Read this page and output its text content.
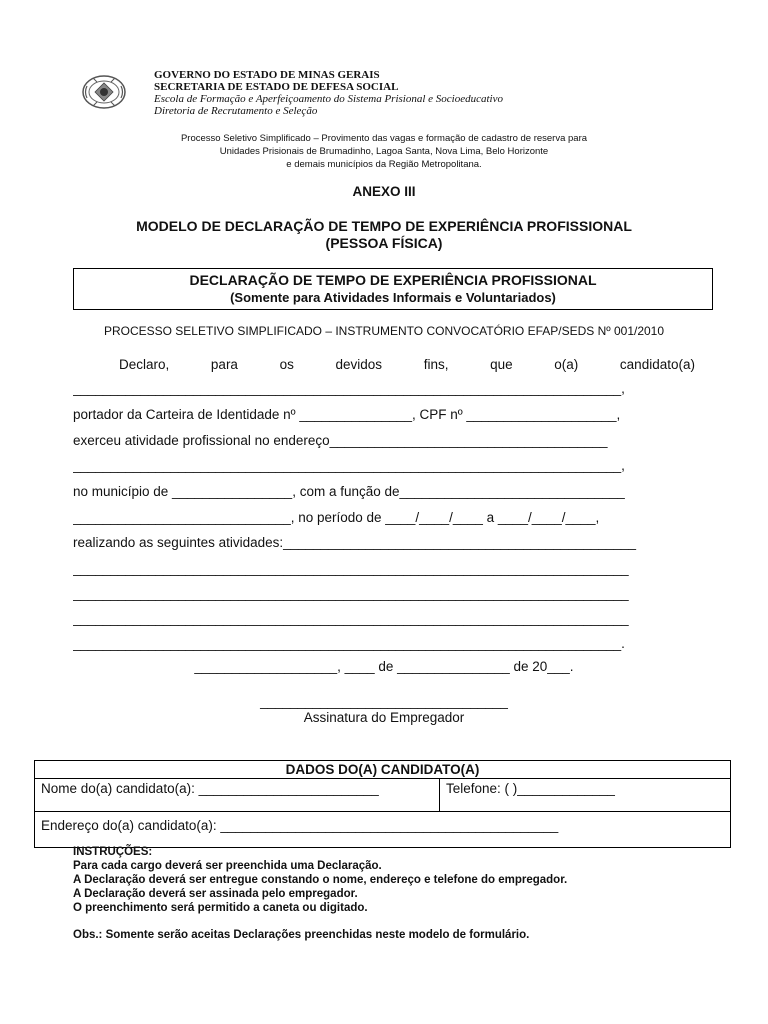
GOVERNO DO ESTADO DE MINAS GERAIS
SECRETARIA DE ESTADO DE DEFESA SOCIAL
Escola de Formação e Aperfeiçoamento do Sistema Prisional e Socioeducativo
Diretoria de Recrutamento e Seleção
Processo Seletivo Simplificado – Provimento das vagas e formação de cadastro de reserva para
Unidades Prisionais de Brumadinho, Lagoa Santa, Nova Lima, Belo Horizonte
e demais municípios da Região Metropolitana.
ANEXO III
MODELO DE DECLARAÇÃO DE TEMPO DE EXPERIÊNCIA PROFISSIONAL
(PESSOA FÍSICA)
DECLARAÇÃO DE TEMPO DE EXPERIÊNCIA PROFISSIONAL
(Somente para Atividades Informais e Voluntariados)
PROCESSO SELETIVO SIMPLIFICADO – INSTRUMENTO CONVOCATÓRIO EFAP/SEDS Nº 001/2010
Declaro,	para	os	devidos	fins,	que	o(a)	candidato(a)
_________________________________________________________________________,
portador da Carteira de Identidade nº _______________, CPF nº ____________________,
exerceu atividade profissional no endereço_____________________________________
_________________________________________________________________________,
no município de ________________, com a função de______________________________
_____________________________, no período de ____/____/____ a ____/____/____,
realizando as seguintes atividades:_______________________________________________
__________________________________________________________________________
__________________________________________________________________________
__________________________________________________________________________
_________________________________________________________________________.
___________________, ____ de _______________ de 20___.
_________________________________
Assinatura do Empregador
DADOS DO(A) CANDIDATO(A)
Nome do(a) candidato(a): ________________________	Telefone: ( )_____________
Endereço do(a) candidato(a): _____________________________________________
INSTRUÇÕES:
Para cada cargo deverá ser preenchida uma Declaração.
A Declaração deverá ser entregue constando o nome, endereço e telefone do empregador.
A Declaração deverá ser assinada pelo empregador.
O preenchimento será permitido a caneta ou digitado.
Obs.: Somente serão aceitas Declarações preenchidas neste modelo de formulário.
